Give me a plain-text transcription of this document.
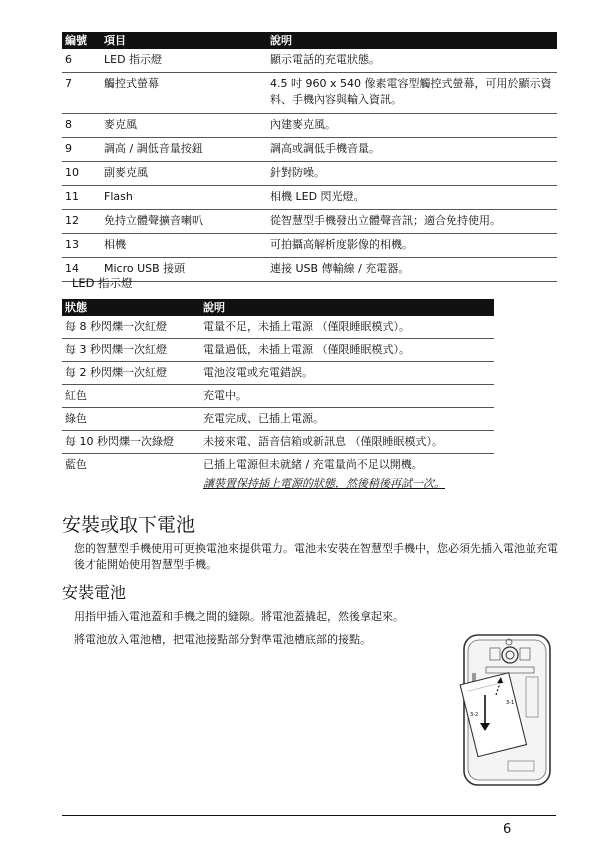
編號	項目	說明
6	LED 指示燈	顯示電話的充電狀態。
7	觸控式螢幕	4.5 吋 960 x 540 像素電容型觸控式螢幕，可用於顯示資料、手機內容與輸入資訊。
8	麥克風	內建麥克風。
9	調高 / 調低音量按鈕	調高或調低手機音量。
10	副麥克風	針對防噪。
11	Flash	相機 LED 閃光燈。
12	免持立體聲擴音喇叭	從智慧型手機發出立體聲音訊；適合免持使用。
13	相機	可拍攝高解析度影像的相機。
14	Micro USB 接頭	連接 USB 傳輸線 / 充電器。
LED 指示燈
狀態	說明
每 8 秒閃爍一次紅燈	電量不足，未插上電源 （僅限睡眠模式）。
每 3 秒閃爍一次紅燈	電量過低，未插上電源 （僅限睡眠模式）。
每 2 秒閃爍一次紅燈	電池沒電或充電錯誤。
紅色	充電中。
綠色	充電完成、已插上電源。
每 10 秒閃爍一次綠燈	未接來電、語音信箱或新訊息 （僅限睡眠模式）。
藍色	已插上電源但未就緒 / 充電量尚不足以開機。
讓裝置保持插上電源的狀態，然後稍後再試一次。
安裝或取下電池

您的智慧型手機使用可更換電池來提供電力。電池未安裝在智慧型手機中，您必須先插入電池並充電後才能開始使用智慧型手機。

安裝電池

用指甲插入電池蓋和手機之間的縫隙。將電池蓋撬起，然後拿起來。

將電池放入電池槽，把電池接點部分對準電池槽底部的接點。

3-1
3-2
6
